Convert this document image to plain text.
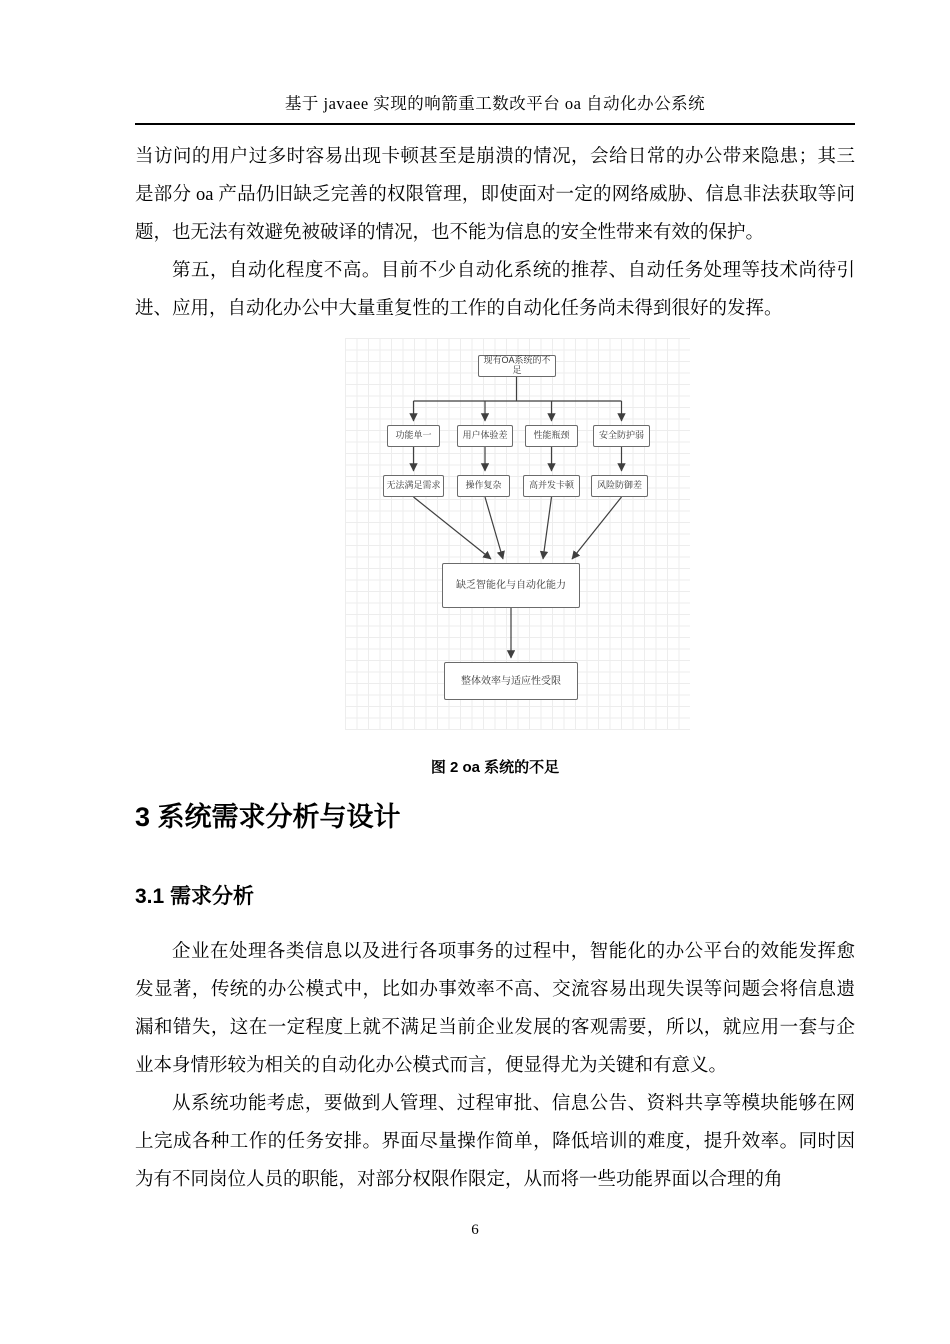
基于 javaee 实现的响箭重工数改平台 oa 自动化办公系统

当访问的用户过多时容易出现卡顿甚至是崩溃的情况，会给日常的办公带来隐患；其三是部分 oa 产品仍旧缺乏完善的权限管理，即使面对一定的网络威胁、信息非法获取等问题，也无法有效避免被破译的情况，也不能为信息的安全性带来有效的保护。

第五，自动化程度不高。目前不少自动化系统的推荐、自动任务处理等技术尚待引进、应用，自动化办公中大量重复性的工作的自动化任务尚未得到很好的发挥。

现有OA系统的不足
功能单一	用户体验差	性能瓶颈	安全防护弱
无法满足需求	操作复杂	高并发卡顿	风险防御差
缺乏智能化与自动化能力
整体效率与适应性受限
图 2 oa 系统的不足
3 系统需求分析与设计
3.1 需求分析

企业在处理各类信息以及进行各项事务的过程中，智能化的办公平台的效能发挥愈发显著，传统的办公模式中，比如办事效率不高、交流容易出现失误等问题会将信息遗漏和错失，这在一定程度上就不满足当前企业发展的客观需要，所以，就应用一套与企业本身情形较为相关的自动化办公模式而言，便显得尤为关键和有意义。

从系统功能考虑，要做到人管理、过程审批、信息公告、资料共享等模块能够在网上完成各种工作的任务安排。界面尽量操作简单，降低培训的难度，提升效率。同时因为有不同岗位人员的职能，对部分权限作限定，从而将一些功能界面以合理的角

6
